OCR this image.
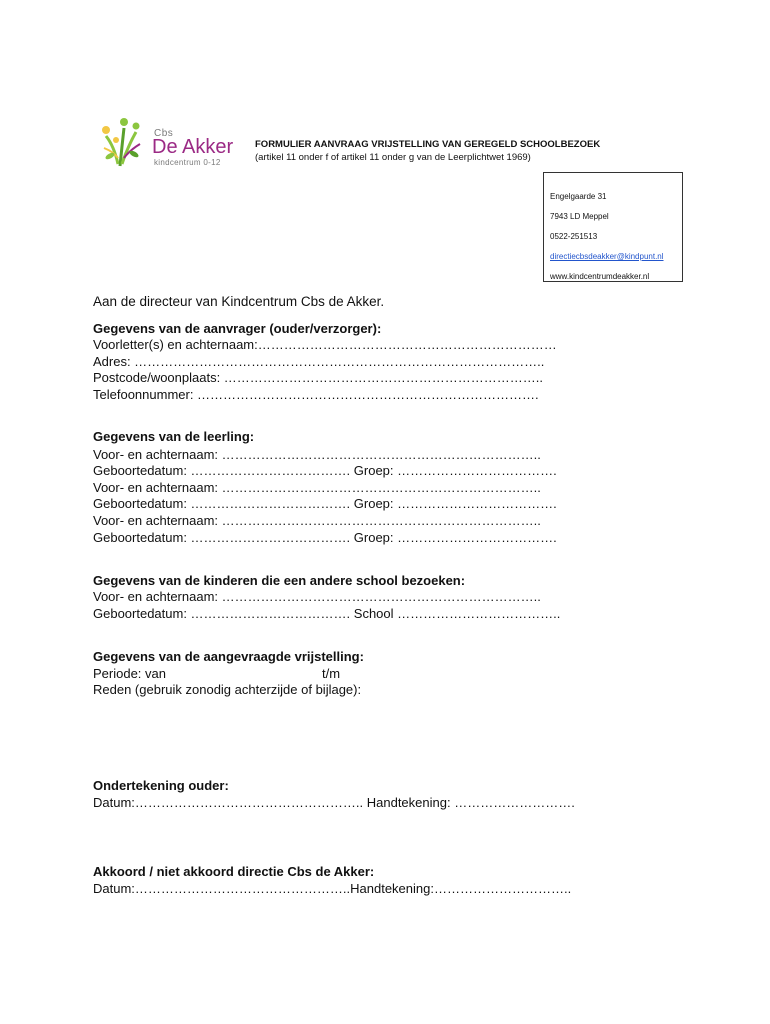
Cbs
De Akker
kindcentrum 0-12
FORMULIER AANVRAAG VRIJSTELLING VAN GEREGELD SCHOOLBEZOEK
(artikel 11 onder f of artikel 11 onder g van de Leerplichtwet 1969)
Engelgaarde 31
7943 LD Meppel
0522-251513
directiecbsdeakker@kindpunt.nl
www.kindcentrumdeakker.nl
Aan de directeur van Kindcentrum Cbs de Akker.
Gegevens van de aanvrager (ouder/verzorger):
Voorletter(s) en achternaam:……………………………………………………………
Adres: …………………………………………………………………………………..
Postcode/woonplaats: ………………………………………………………………..
Telefoonnummer: …………………………………………………………………….
Gegevens van de leerling:
Voor- en achternaam: ………………………………………………………………..
Geboortedatum: ………………………………. Groep: ……………………………….
Voor- en achternaam: ………………………………………………………………..
Geboortedatum: ………………………………. Groep: ……………………………….
Voor- en achternaam: ………………………………………………………………..
Geboortedatum: ………………………………. Groep: ……………………………….
Gegevens van de kinderen die een andere school bezoeken:
Voor- en achternaam: ………………………………………………………………..
Geboortedatum: ………………………………. School ………………………………..
Gegevens van de aangevraagde vrijstelling:
Periode: van	t/m
Reden (gebruik zonodig achterzijde of bijlage):
Ondertekening ouder:
Datum:…………………………………………….. Handtekening: ……………………….
Akkoord / niet akkoord directie Cbs de Akker:
Datum:…………………………………………..Handtekening:…………………………..
